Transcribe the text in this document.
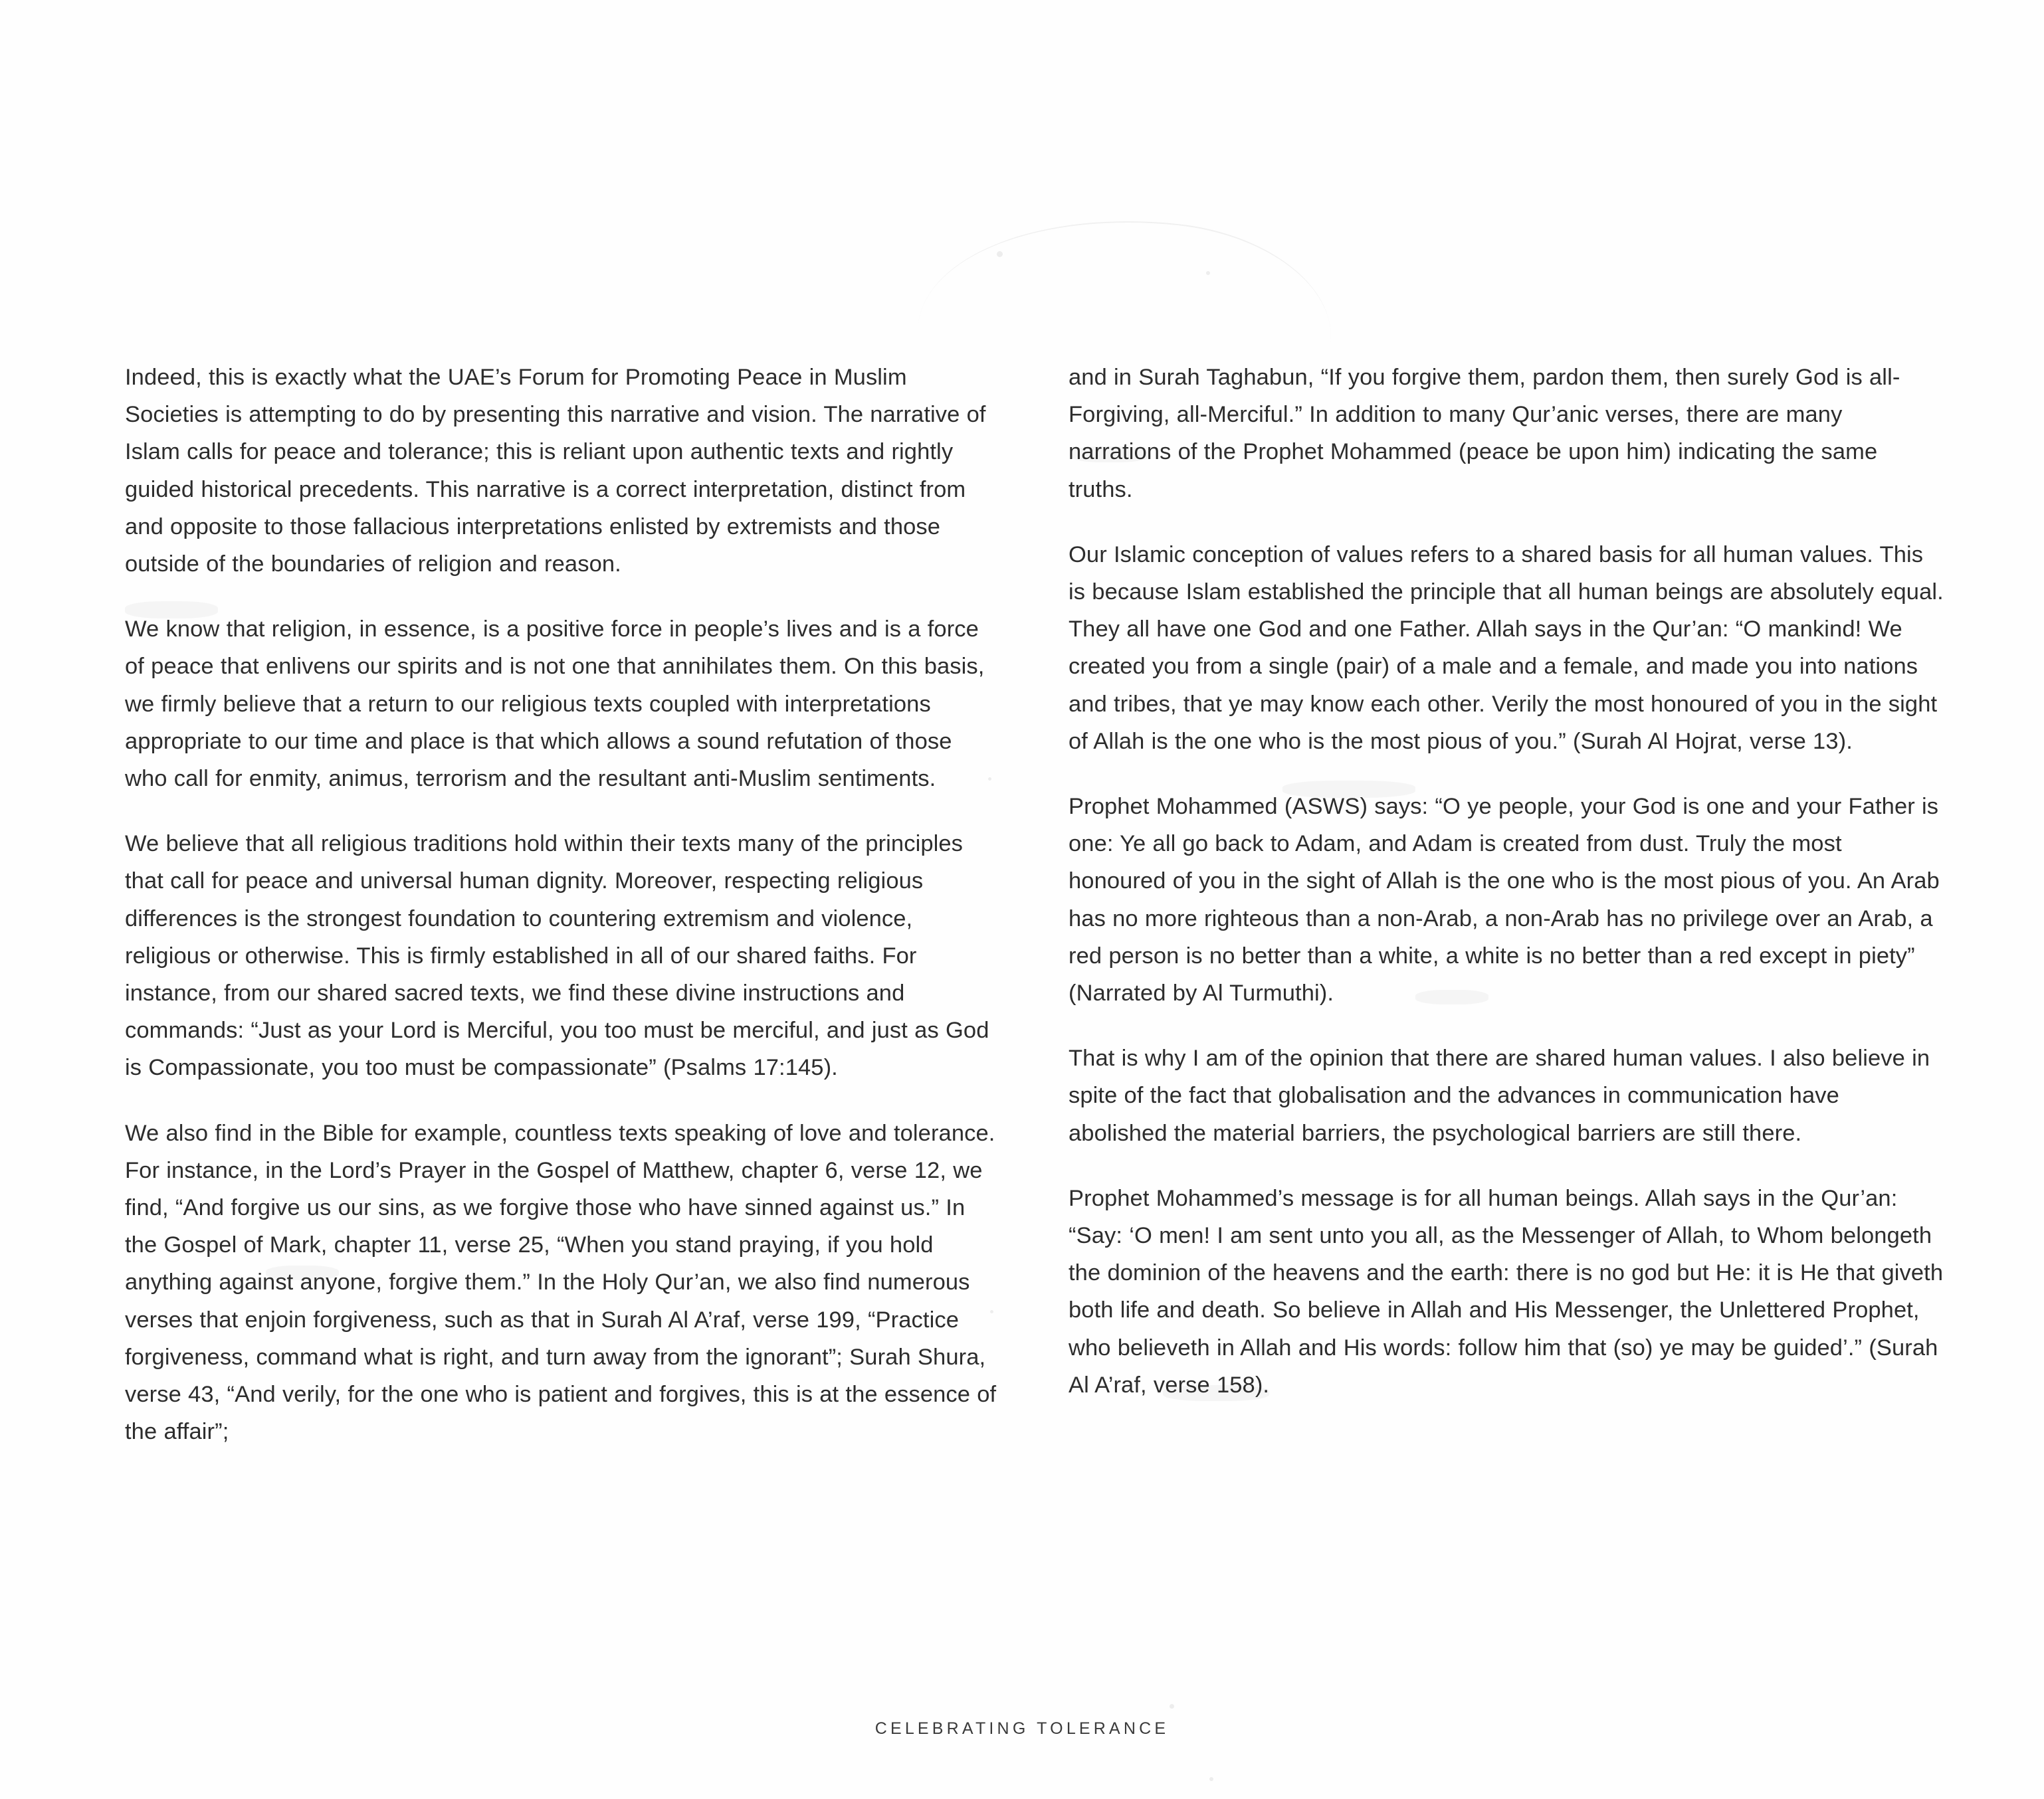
Indeed, this is exactly what the UAE’s Forum for Promoting Peace in Muslim Societies is attempting to do by presenting this narrative and vision. The narrative of Islam calls for peace and tolerance; this is reliant upon authentic texts and rightly guided historical precedents. This narrative is a correct interpretation, distinct from and opposite to those fallacious interpretations enlisted by extremists and those outside of the boundaries of religion and reason.

We know that religion, in essence, is a positive force in people’s lives and is a force of peace that enlivens our spirits and is not one that annihilates them. On this basis, we firmly believe that a return to our religious texts coupled with interpretations appropriate to our time and place is that which allows a sound refutation of those who call for enmity, animus, terrorism and the resultant anti-Muslim sentiments.

We believe that all religious traditions hold within their texts many of the principles that call for peace and universal human dignity. Moreover, respecting religious differences is the strongest foundation to countering extremism and violence, religious or otherwise. This is firmly established in all of our shared faiths. For instance, from our shared sacred texts, we find these divine instructions and commands: “Just as your Lord is Merciful, you too must be merciful, and just as God is Compassionate, you too must be compassionate” (Psalms 17:145).

We also find in the Bible for example, countless texts speaking of love and tolerance. For instance, in the Lord’s Prayer in the Gospel of Matthew, chapter 6, verse 12, we find, “And forgive us our sins, as we forgive those who have sinned against us.” In the Gospel of Mark, chapter 11, verse 25, “When you stand praying, if you hold anything against anyone, forgive them.” In the Holy Qur’an, we also find numerous verses that enjoin forgiveness, such as that in Surah Al A’raf, verse 199, “Practice forgiveness, command what is right, and turn away from the ignorant”; Surah Shura, verse 43, “And verily, for the one who is patient and forgives, this is at the essence of the affair”;

and in Surah Taghabun, “If you forgive them, pardon them, then surely God is all-Forgiving, all-Merciful.” In addition to many Qur’anic verses, there are many narrations of the Prophet Mohammed (peace be upon him) indicating the same truths.

Our Islamic conception of values refers to a shared basis for all human values. This is because Islam established the principle that all human beings are absolutely equal. They all have one God and one Father. Allah says in the Qur’an: “O mankind! We created you from a single (pair) of a male and a female, and made you into nations and tribes, that ye may know each other. Verily the most honoured of you in the sight of Allah is the one who is the most pious of you.” (Surah Al Hojrat, verse 13).

Prophet Mohammed (ASWS) says: “O ye people, your God is one and your Father is one: Ye all go back to Adam, and Adam is created from dust. Truly the most honoured of you in the sight of Allah is the one who is the most pious of you. An Arab has no more righteous than a non-Arab, a non-Arab has no privilege over an Arab, a red person is no better than a white, a white is no better than a red except in piety” (Narrated by Al Turmuthi).

That is why I am of the opinion that there are shared human values. I also believe in spite of the fact that globalisation and the advances in communication have abolished the material barriers, the psychological barriers are still there.

Prophet Mohammed’s message is for all human beings. Allah says in the Qur’an: “Say: ‘O men! I am sent unto you all, as the Messenger of Allah, to Whom belongeth the dominion of the heavens and the earth: there is no god but He: it is He that giveth both life and death. So believe in Allah and His Messenger, the Unlettered Prophet, who believeth in Allah and His words: follow him that (so) ye may be guided’.” (Surah Al A’raf, verse 158).

CELEBRATING TOLERANCE
